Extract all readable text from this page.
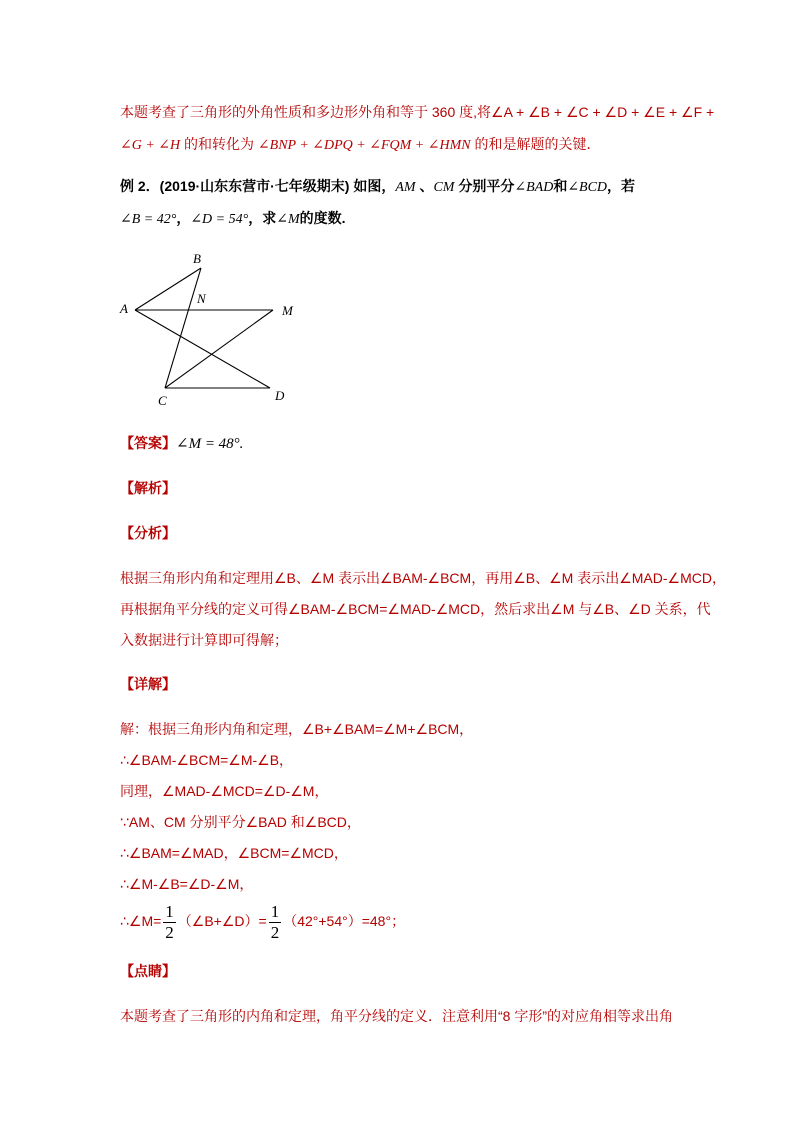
本题考查了三角形的外角性质和多边形外角和等于 360 度,将∠A + ∠B + ∠C + ∠D + ∠E + ∠F +
∠G + ∠H 的和转化为 ∠BNP + ∠DPQ + ∠FQM + ∠HMN 的和是解题的关键．
例 2．(2019·山东东营市·七年级期末) 如图，AM 、CM 分别平分∠BAD和∠BCD，若
∠B = 42°，∠D = 54°，求∠M的度数.
A
B
C	D
M
N
【答案】∠M = 48°.
【解析】
【分析】
根据三角形内角和定理用∠B、∠M 表示出∠BAM-∠BCM，再用∠B、∠M 表示出∠MAD-∠MCD，
再根据角平分线的定义可得∠BAM-∠BCM=∠MAD-∠MCD，然后求出∠M 与∠B、∠D 关系，代
入数据进行计算即可得解；
【详解】
解：根据三角形内角和定理，∠B+∠BAM=∠M+∠BCM，
∴∠BAM-∠BCM=∠M-∠B，
同理，∠MAD-∠MCD=∠D-∠M，
∵AM、CM 分别平分∠BAD 和∠BCD，
∴∠BAM=∠MAD，∠BCM=∠MCD，
∴∠M-∠B=∠D-∠M，
∴∠M= $\frac{1}{2}$ （∠B+∠D）= $\frac{1}{2} (42^\circ+54^\circ)=48^\circ$；
【点睛】
本题考查了三角形的内角和定理，角平分线的定义．注意利用“8 字形”的对应角相等求出角
